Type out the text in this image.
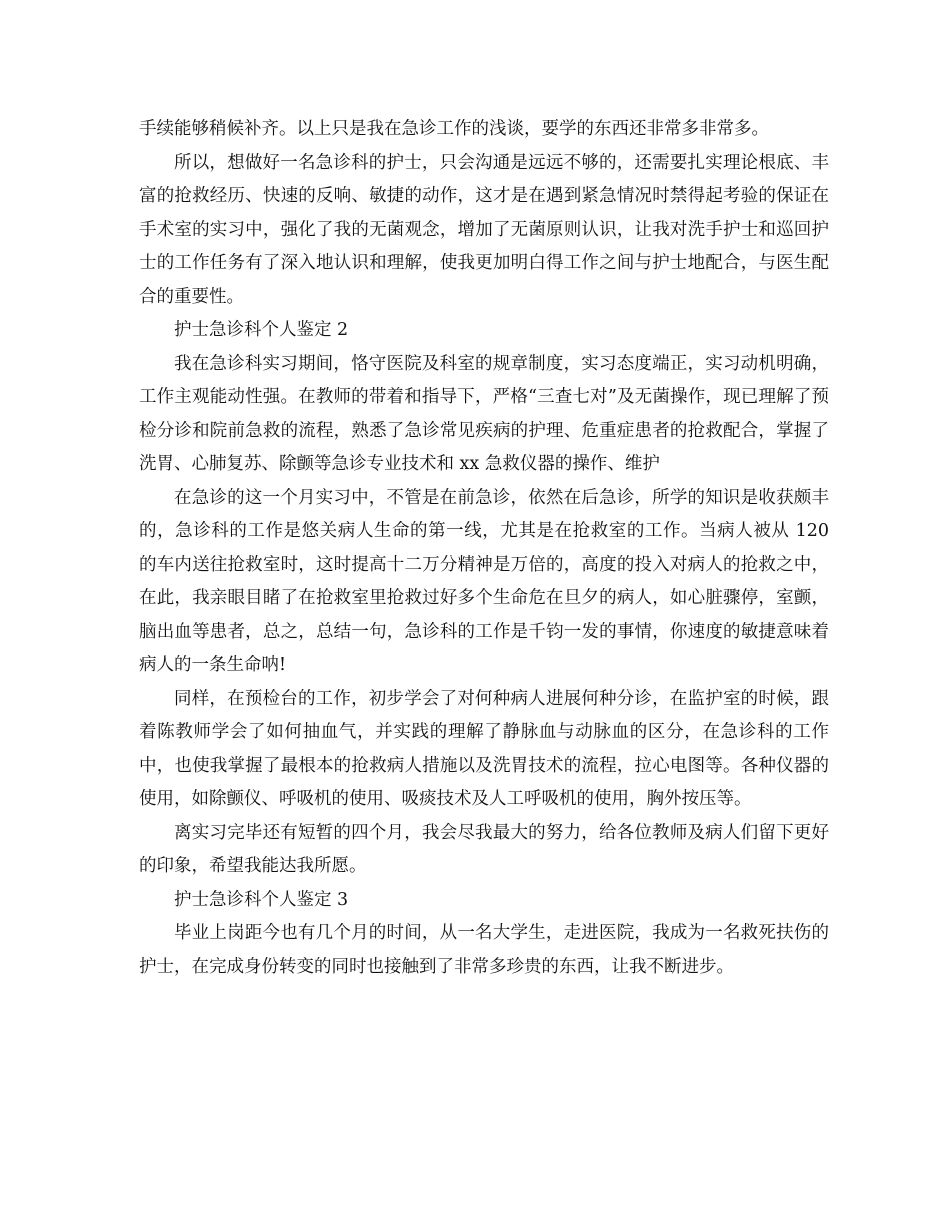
手续能够稍候补齐。以上只是我在急诊工作的浅谈，要学的东西还非常多非常多。

所以，想做好一名急诊科的护士，只会沟通是远远不够的，还需要扎实理论根底、丰富的抢救经历、快速的反响、敏捷的动作，这才是在遇到紧急情况时禁得起考验的保证在手术室的实习中，强化了我的无菌观念，增加了无菌原则认识，让我对洗手护士和巡回护士的工作任务有了深入地认识和理解，使我更加明白得工作之间与护士地配合，与医生配合的重要性。

护士急诊科个人鉴定 2

我在急诊科实习期间，恪守医院及科室的规章制度，实习态度端正，实习动机明确，工作主观能动性强。在教师的带着和指导下，严格“三查七对”及无菌操作，现已理解了预检分诊和院前急救的流程，熟悉了急诊常见疾病的护理、危重症患者的抢救配合，掌握了洗胃、心肺复苏、除颤等急诊专业技术和 xx 急救仪器的操作、维护

在急诊的这一个月实习中，不管是在前急诊，依然在后急诊，所学的知识是收获颇丰的，急诊科的工作是悠关病人生命的第一线，尤其是在抢救室的工作。当病人被从 120 的车内送往抢救室时，这时提高十二万分精神是万倍的，高度的投入对病人的抢救之中，在此，我亲眼目睹了在抢救室里抢救过好多个生命危在旦夕的病人，如心脏骤停，室颤，脑出血等患者，总之，总结一句，急诊科的工作是千钧一发的事情，你速度的敏捷意味着病人的一条生命呐!

同样，在预检台的工作，初步学会了对何种病人进展何种分诊，在监护室的时候，跟着陈教师学会了如何抽血气，并实践的理解了静脉血与动脉血的区分，在急诊科的工作中，也使我掌握了最根本的抢救病人措施以及洗胃技术的流程，拉心电图等。各种仪器的使用，如除颤仪、呼吸机的使用、吸痰技术及人工呼吸机的使用，胸外按压等。

离实习完毕还有短暂的四个月，我会尽我最大的努力，给各位教师及病人们留下更好的印象，希望我能达我所愿。

护士急诊科个人鉴定 3

毕业上岗距今也有几个月的时间，从一名大学生，走进医院，我成为一名救死扶伤的护士，在完成身份转变的同时也接触到了非常多珍贵的东西，让我不断进步。
